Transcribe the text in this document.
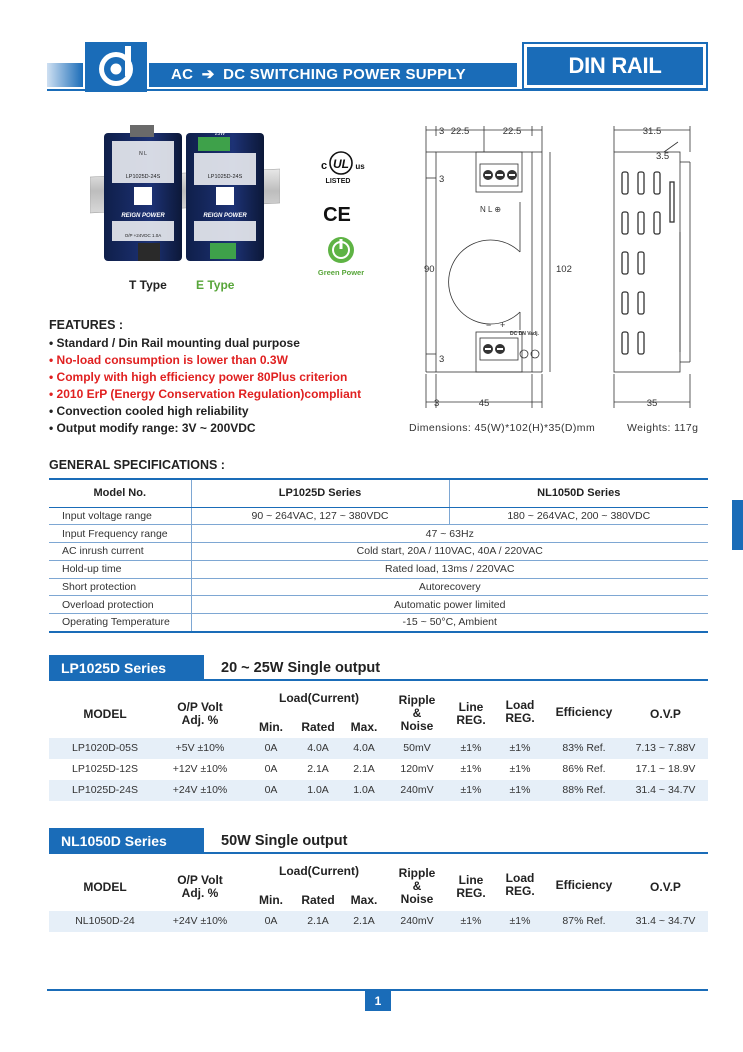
AC ➔ DC SWITCHING POWER SUPPLY	DIN RAIL SERIES
N L
LP1025D-24S
REIGN POWER
O/P +24VDC 1.0A
25W
LP1025D-24S
REIGN POWER
T Type E Type
UL
c	us
LISTED
CE
Green Power
FEATURES :
• Standard / Din Rail mounting dual purpose
• No-load consumption is lower than 0.3W
• Comply with high efficiency power 80Plus criterion
• 2010 ErP (Energy Conservation Regulation)compliant
• Convection cooled high reliability
• Output modify range: 3V ~ 200VDC
3 22.5	22.5
3
90	102
3
3	45
N L ⊕
− +
DC DN Vadj.
31.5
3.5
35
Dimensions: 45(W)*102(H)*35(D)mm	Weights: 117g
GENERAL SPECIFICATIONS :
Model No.	LP1025D Series	NL1050D Series
Input voltage range	90 ~ 264VAC, 127 ~ 380VDC	180 ~ 264VAC, 200 ~ 380VDC
Input Frequency range	47 ~ 63Hz	
AC inrush current	Cold start, 20A / 110VAC, 40A / 220VAC	
Hold-up time	Rated load, 13ms / 220VAC	
Short protection	Autorecovery	
Overload protection	Automatic power limited	
Operating Temperature	-15 ~ 50°C, Ambient	
LP1025D Series	20 ~ 25W Single output
MODEL	O/P Volt
Adj. %
Load(Current)
Min.	Rated	Max.
Ripple
&
Noise
Line
REG.
Load
REG.	Efficiency	O.V.P
LP1020D-05S	+5V ±10%	0A	4.0A	4.0A	50mV	±1%	±1%	83% Ref.	7.13 ~ 7.88V
LP1025D-12S	+12V ±10%	0A	2.1A	2.1A	120mV	±1%	±1%	86% Ref.	17.1 ~ 18.9V
LP1025D-24S	+24V ±10%	0A	1.0A	1.0A	240mV	±1%	±1%	88% Ref.	31.4 ~ 34.7V
NL1050D Series	50W Single output
MODEL	O/P Volt
Adj. %
Load(Current)
Min.	Rated	Max.
Ripple
&
Noise
Line
REG.
Load
REG.	Efficiency	O.V.P
NL1050D-24	+24V ±10%	0A	2.1A	2.1A	240mV	±1%	±1%	87% Ref.	31.4 ~ 34.7V
1
